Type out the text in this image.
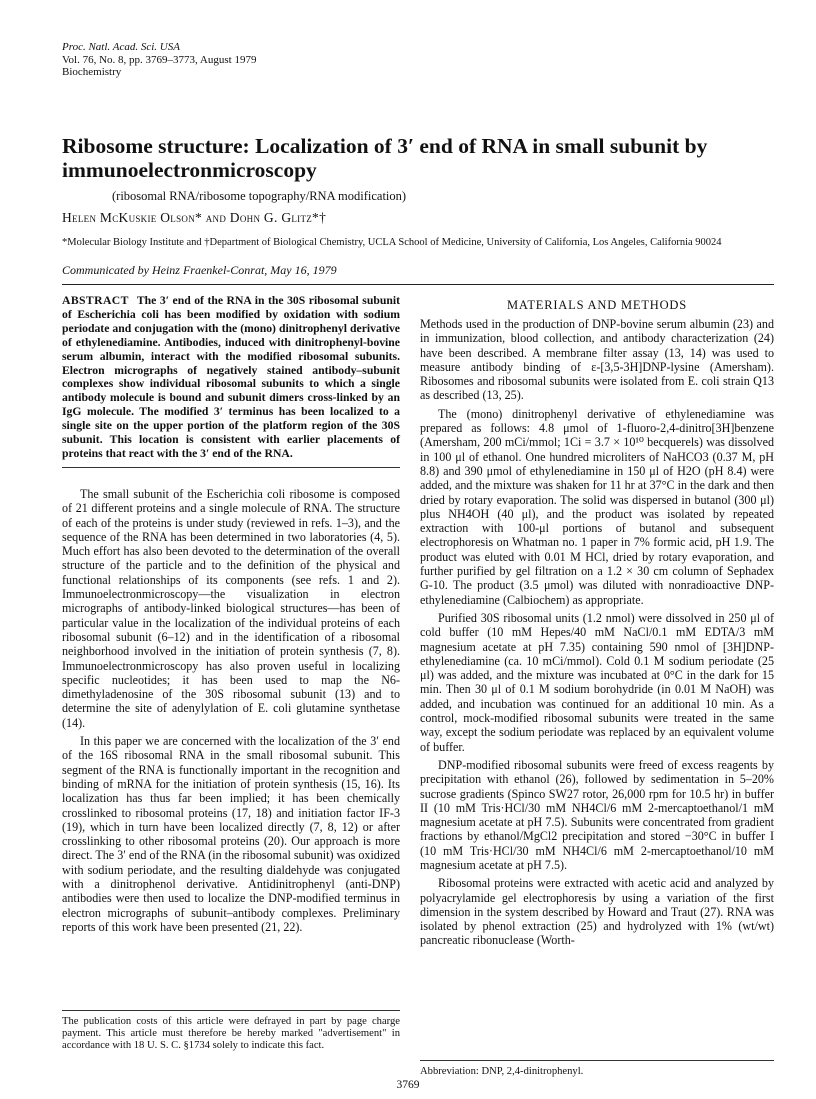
Proc. Natl. Acad. Sci. USA
Vol. 76, No. 8, pp. 3769–3773, August 1979
Biochemistry
Ribosome structure: Localization of 3′ end of RNA in small subunit by immunoelectronmicroscopy
(ribosomal RNA/ribosome topography/RNA modification)
Helen McKuskie Olson* and Dohn G. Glitz*†
*Molecular Biology Institute and †Department of Biological Chemistry, UCLA School of Medicine, University of California, Los Angeles, California 90024
Communicated by Heinz Fraenkel-Conrat, May 16, 1979

ABSTRACT The 3′ end of the RNA in the 30S ribosomal subunit of Escherichia coli has been modified by oxidation with sodium periodate and conjugation with the (mono) dinitrophenyl derivative of ethylenediamine. Antibodies, induced with dinitrophenyl-bovine serum albumin, interact with the modified ribosomal subunits. Electron micrographs of negatively stained antibody–subunit complexes show individual ribosomal subunits to which a single antibody molecule is bound and subunit dimers cross-linked by an IgG molecule. The modified 3′ terminus has been localized to a single site on the upper portion of the platform region of the 30S subunit. This location is consistent with earlier placements of proteins that react with the 3′ end of the RNA.

The small subunit of the Escherichia coli ribosome is composed of 21 different proteins and a single molecule of RNA. The structure of each of the proteins is under study (reviewed in refs. 1–3), and the sequence of the RNA has been determined in two laboratories (4, 5). Much effort has also been devoted to the determination of the overall structure of the particle and to the definition of the physical and functional relationships of its components (see refs. 1 and 2). Immunoelectronmicroscopy—the visualization in electron micrographs of antibody-linked biological structures—has been of particular value in the localization of the individual proteins of each ribosomal subunit (6–12) and in the identification of a ribosomal neighborhood involved in the initiation of protein synthesis (7, 8). Immunoelectronmicroscopy has also proven useful in localizing specific nucleotides; it has been used to map the N6-dimethyladenosine of the 30S ribosomal subunit (13) and to determine the site of adenylylation of E. coli glutamine synthetase (14).

In this paper we are concerned with the localization of the 3′ end of the 16S ribosomal RNA in the small ribosomal subunit. This segment of the RNA is functionally important in the recognition and binding of mRNA for the initiation of protein synthesis (15, 16). Its localization has thus far been implied; it has been chemically crosslinked to ribosomal proteins (17, 18) and initiation factor IF-3 (19), which in turn have been localized directly (7, 8, 12) or after crosslinking to other ribosomal proteins (20). Our approach is more direct. The 3′ end of the RNA (in the ribosomal subunit) was oxidized with sodium periodate, and the resulting dialdehyde was conjugated with a dinitrophenol derivative. Antidinitrophenyl (anti-DNP) antibodies were then used to localize the DNP-modified terminus in electron micrographs of subunit–antibody complexes. Preliminary reports of this work have been presented (21, 22).

MATERIALS AND METHODS

Methods used in the production of DNP-bovine serum albumin (23) and in immunization, blood collection, and antibody characterization (24) have been described. A membrane filter assay (13, 14) was used to measure antibody binding of ε-[3,5-3H]DNP-lysine (Amersham). Ribosomes and ribosomal subunits were isolated from E. coli strain Q13 as described (13, 25).

The (mono) dinitrophenyl derivative of ethylenediamine was prepared as follows: 4.8 μmol of 1-fluoro-2,4-dinitro[3H]benzene (Amersham, 200 mCi/mmol; 1Ci = 3.7 × 10¹⁰ becquerels) was dissolved in 100 μl of ethanol. One hundred microliters of NaHCO3 (0.37 M, pH 8.8) and 390 μmol of ethylenediamine in 150 μl of H2O (pH 8.4) were added, and the mixture was shaken for 11 hr at 37°C in the dark and then dried by rotary evaporation. The solid was dispersed in butanol (300 μl) plus NH4OH (40 μl), and the product was isolated by repeated extraction with 100-μl portions of butanol and subsequent electrophoresis on Whatman no. 1 paper in 7% formic acid, pH 1.9. The product was eluted with 0.01 M HCl, dried by rotary evaporation, and further purified by gel filtration on a 1.2 × 30 cm column of Sephadex G-10. The product (3.5 μmol) was diluted with nonradioactive DNP-ethylenediamine (Calbiochem) as appropriate.

Purified 30S ribosomal units (1.2 nmol) were dissolved in 250 μl of cold buffer (10 mM Hepes/40 mM NaCl/0.1 mM EDTA/3 mM magnesium acetate at pH 7.35) containing 590 nmol of [3H]DNP-ethylenediamine (ca. 10 mCi/mmol). Cold 0.1 M sodium periodate (25 μl) was added, and the mixture was incubated at 0°C in the dark for 15 min. Then 30 μl of 0.1 M sodium borohydride (in 0.01 M NaOH) was added, and incubation was continued for an additional 10 min. As a control, mock-modified ribosomal subunits were treated in the same way, except the sodium periodate was replaced by an equivalent volume of buffer.

DNP-modified ribosomal subunits were freed of excess reagents by precipitation with ethanol (26), followed by sedimentation in 5–20% sucrose gradients (Spinco SW27 rotor, 26,000 rpm for 10.5 hr) in buffer II (10 mM Tris·HCl/30 mM NH4Cl/6 mM 2-mercaptoethanol/1 mM magnesium acetate at pH 7.5). Subunits were concentrated from gradient fractions by ethanol/MgCl2 precipitation and stored −30°C in buffer I (10 mM Tris·HCl/30 mM NH4Cl/6 mM 2-mercaptoethanol/10 mM magnesium acetate at pH 7.5).

Ribosomal proteins were extracted with acetic acid and analyzed by polyacrylamide gel electrophoresis by using a variation of the first dimension in the system described by Howard and Traut (27). RNA was isolated by phenol extraction (25) and hydrolyzed with 1% (wt/wt) pancreatic ribonuclease (Worth-

The publication costs of this article were defrayed in part by page charge payment. This article must therefore be hereby marked "advertisement" in accordance with 18 U. S. C. §1734 solely to indicate this fact.
Abbreviation: DNP, 2,4-dinitrophenyl.
3769
